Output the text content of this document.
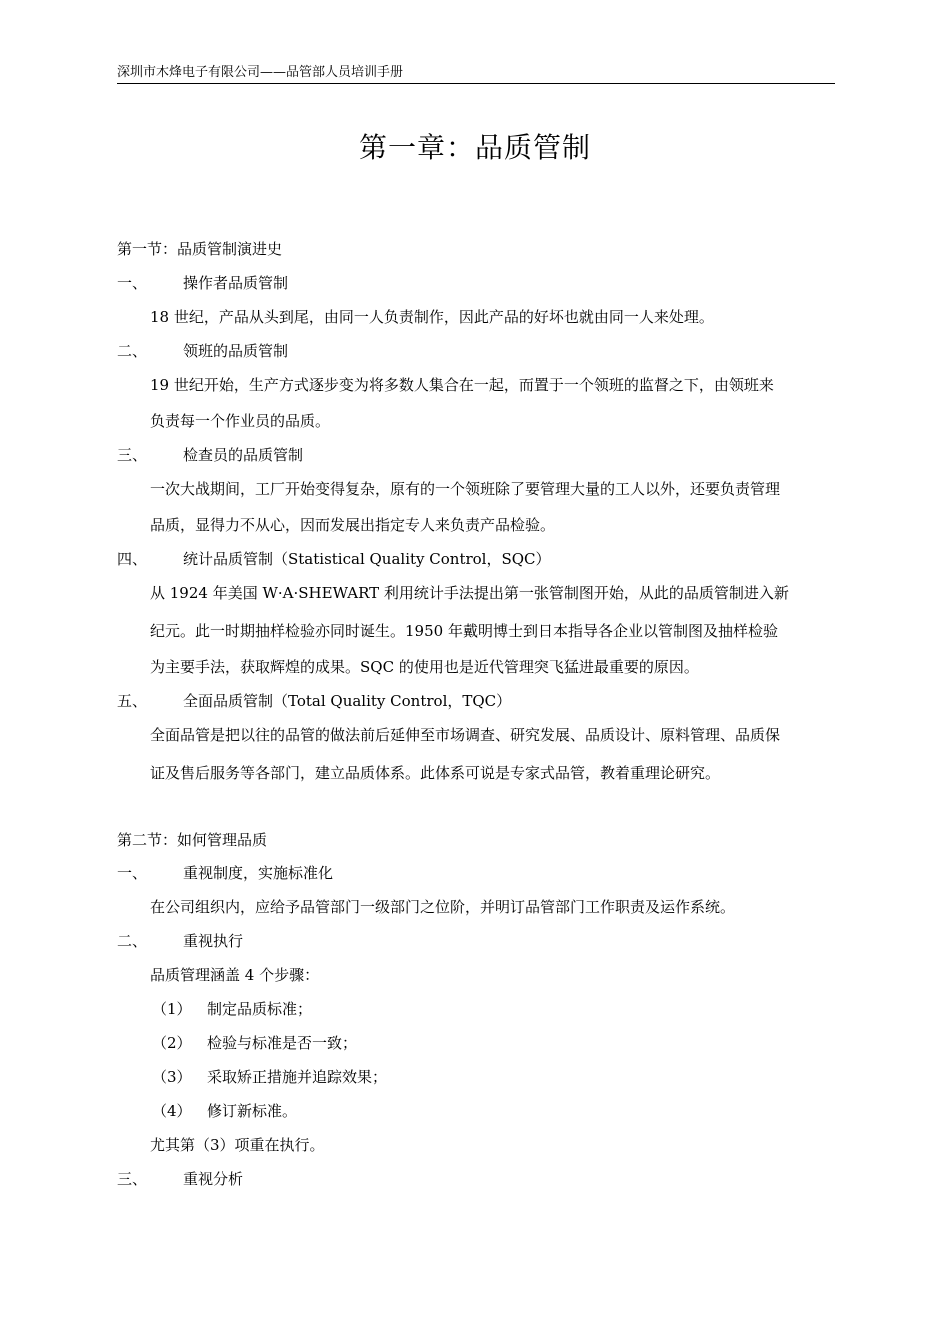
深圳市木烽电子有限公司——品管部人员培训手册
第一章：品质管制
第一节：品质管制演进史
一、	操作者品质管制
18 世纪，产品从头到尾，由同一人负责制作，因此产品的好坏也就由同一人来处理。
二、	领班的品质管制
19 世纪开始，生产方式逐步变为将多数人集合在一起，而置于一个领班的监督之下，由领班来
负责每一个作业员的品质。
三、	检查员的品质管制
一次大战期间，工厂开始变得复杂，原有的一个领班除了要管理大量的工人以外，还要负责管理
品质，显得力不从心，因而发展出指定专人来负责产品检验。
四、	统计品质管制（Statistical Quality Control，SQC）
从 1924 年美国 W·A·SHEWART 利用统计手法提出第一张管制图开始，从此的品质管制进入新
纪元。此一时期抽样检验亦同时诞生。1950 年戴明博士到日本指导各企业以管制图及抽样检验
为主要手法，获取辉煌的成果。SQC 的使用也是近代管理突飞猛进最重要的原因。
五、	全面品质管制（Total Quality Control，TQC）
全面品管是把以往的品管的做法前后延伸至市场调查、研究发展、品质设计、原料管理、品质保
证及售后服务等各部门，建立品质体系。此体系可说是专家式品管，教着重理论研究。
第二节：如何管理品质
一、	重视制度，实施标准化
在公司组织内，应给予品管部门一级部门之位阶，并明订品管部门工作职责及运作系统。
二、	重视执行
品质管理涵盖 4 个步骤：
（1） 制定品质标准；
（2） 检验与标准是否一致；
（3） 采取矫正措施并追踪效果；
（4） 修订新标准。
尤其第（3）项重在执行。
三、	重视分析
